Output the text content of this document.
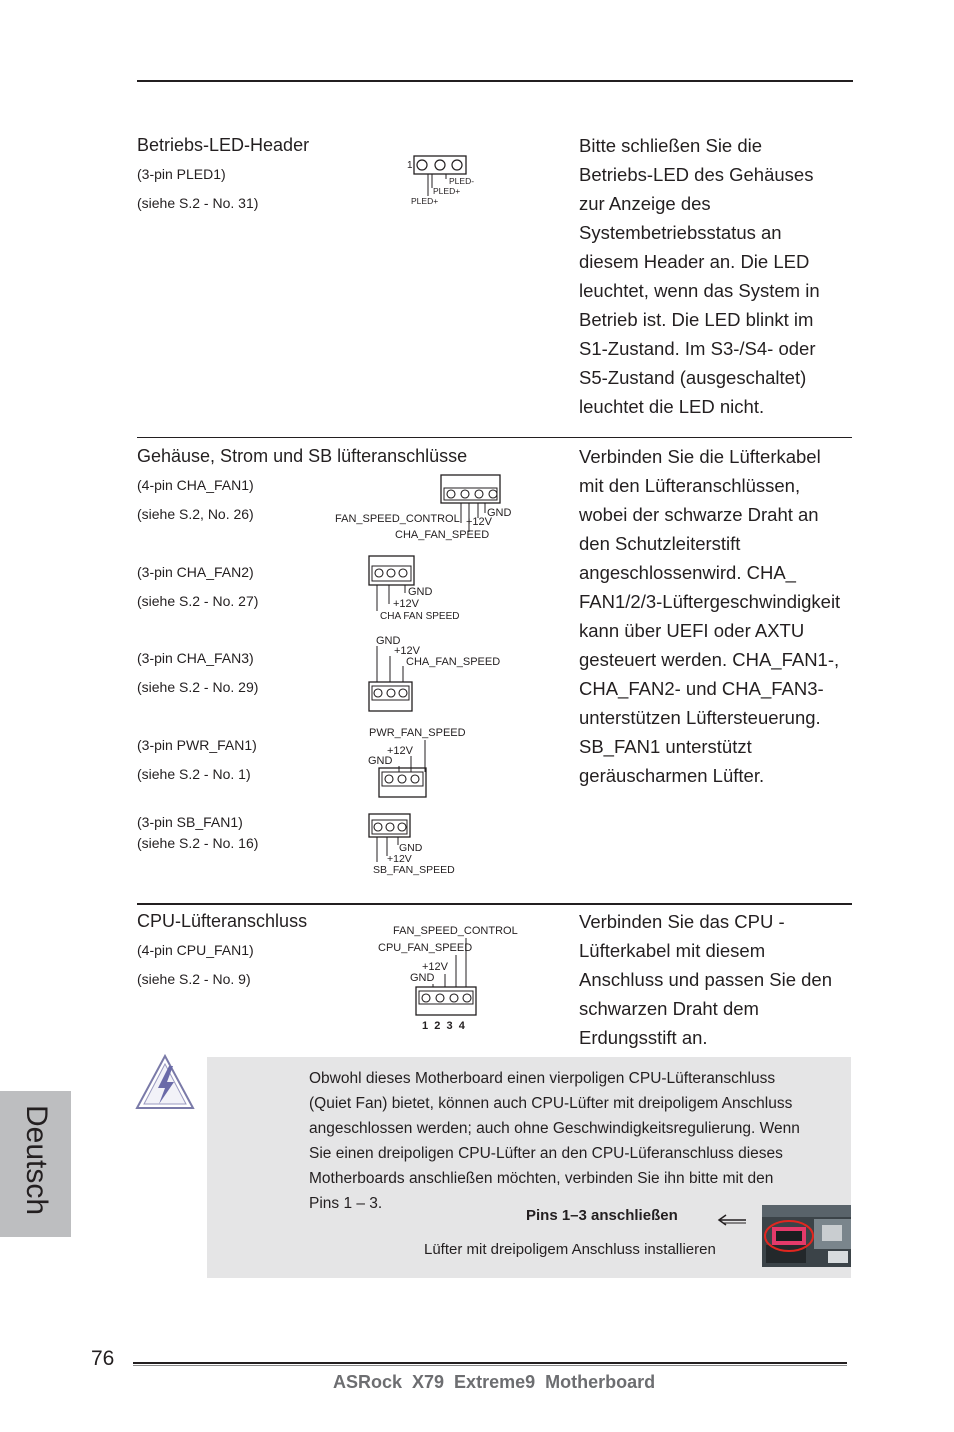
Betriebs-LED-Header
(3-pin PLED1)
(siehe S.2 - No. 31)
1
PLED-
PLED+
PLED+
Bitte schließen Sie die
Betriebs-LED des Gehäuses
zur Anzeige des
Systembetriebsstatus an
diesem Header an. Die LED
leuchtet, wenn das System in
Betrieb ist. Die LED blinkt im
S1-Zustand. Im S3-/S4- oder
S5-Zustand (ausgeschaltet)
leuchtet die LED nicht.
Gehäuse, Strom und SB lüfteranschlüsse
(4-pin CHA_FAN1)
(siehe S.2, No. 26)
(3-pin CHA_FAN2)
(siehe S.2 - No. 27)
(3-pin CHA_FAN3)
(siehe S.2 - No. 29)
(3-pin PWR_FAN1)
(siehe S.2 - No. 1)
(3-pin SB_FAN1)
(siehe S.2 - No. 16)
FAN_SPEED_CONTROL +12V
GND
CHA_FAN_SPEED
GND
+12V
CHA FAN SPEED
GND
+12V
CHA_FAN_SPEED
PWR_FAN_SPEED
+12V
GND
GND
+12V
SB_FAN_SPEED
Verbinden Sie die Lüfterkabel
mit den Lüfteranschlüssen,
wobei der schwarze Draht an
den Schutzleiterstift
angeschlossenwird. CHA_
FAN1/2/3-Lüftergeschwindigkeit
kann über UEFI oder AXTU
gesteuert werden. CHA_FAN1-,
CHA_FAN2- und CHA_FAN3-
unterstützen Lüftersteuerung.
SB_FAN1 unterstützt
geräuscharmen Lüfter.
CPU-Lüfteranschluss
(4-pin CPU_FAN1)
(siehe S.2 - No. 9)
FAN_SPEED_CONTROL
CPU_FAN_SPEED
+12V
GND
1  2  3  4
Verbinden Sie das CPU -
Lüfterkabel mit diesem
Anschluss und passen Sie den
schwarzen Draht dem
Erdungsstift an.
Obwohl dieses Motherboard einen vierpoligen CPU-Lüfteranschluss
(Quiet Fan) bietet, können auch CPU-Lüfter mit dreipoligem Anschluss
angeschlossen werden; auch ohne Geschwindigkeitsregulierung. Wenn
Sie einen dreipoligen CPU-Lüfter an den CPU-Lüferanschluss dieses
Motherboards anschließen möchten, verbinden Sie ihn bitte mit den
Pins 1 – 3.
Pins 1–3 anschließen
Lüfter mit dreipoligem Anschluss installieren
Deutsch
76
ASRock  X79  Extreme9  Motherboard
